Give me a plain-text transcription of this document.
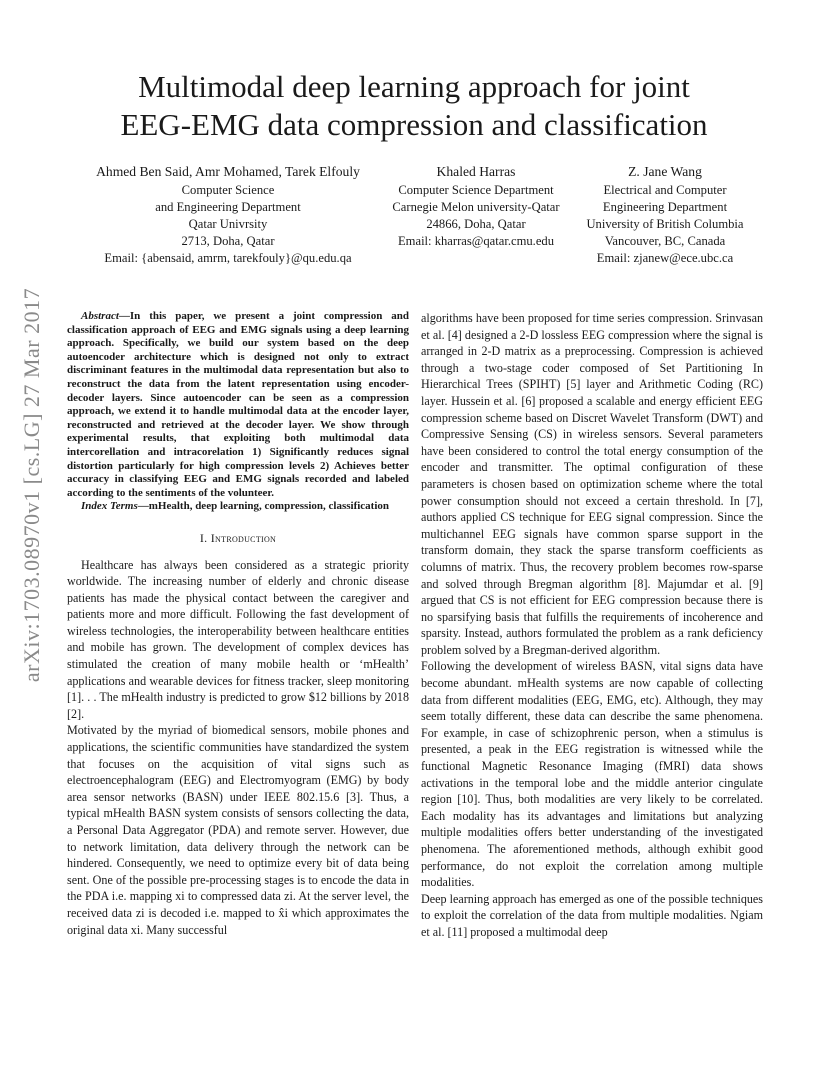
Multimodal deep learning approach for joint
EEG-EMG data compression and classification
Ahmed Ben Said, Amr Mohamed, Tarek Elfouly
Computer Science
and Engineering Department
Qatar Univrsity
2713, Doha, Qatar
Email: {abensaid, amrm, tarekfouly}@qu.edu.qa
Khaled Harras
Computer Science Department
Carnegie Melon university-Qatar
24866, Doha, Qatar
Email: kharras@qatar.cmu.edu
Z. Jane Wang
Electrical and Computer
Engineering Department
University of British Columbia
Vancouver, BC, Canada
Email: zjanew@ece.ubc.ca
arXiv:1703.08970v1 [cs.LG] 27 Mar 2017	Abstract—In this paper, we present a joint compression and classification approach of EEG and EMG signals using a deep learning approach. Specifically, we build our system based on the deep autoencoder architecture which is designed not only to extract discriminant features in the multimodal data representation but also to reconstruct the data from the latent representation using encoder-decoder layers. Since autoencoder can be seen as a compression approach, we extend it to handle multimodal data at the encoder layer, reconstructed and retrieved at the decoder layer. We show through experimental results, that exploiting both multimodal data intercorellation and intracorelation 1) Significantly reduces signal distortion particularly for high compression levels 2) Achieves better accuracy in classifying EEG and EMG signals recorded and labeled according to the sentiments of the volunteer.

Index Terms—mHealth, deep learning, compression, classification

I. Introduction

Healthcare has always been considered as a strategic priority worldwide. The increasing number of elderly and chronic disease patients has made the physical contact between the caregiver and patients more and more difficult. Following the fast development of wireless technologies, the interoperability between healthcare entities and mobile has grown. The development of complex devices has stimulated the creation of many mobile health or ‘mHealth’ applications and wearable devices for fitness tracker, sleep monitoring [1]. . . The mHealth industry is predicted to grow $12 billions by 2018 [2].

Motivated by the myriad of biomedical sensors, mobile phones and applications, the scientific communities have standardized the system that focuses on the acquisition of vital signs such as electroencephalogram (EEG) and Electromyogram (EMG) by body area sensor networks (BASN) under IEEE 802.15.6 [3]. Thus, a typical mHealth BASN system consists of sensors collecting the data, a Personal Data Aggregator (PDA) and remote server. However, due to network limitation, data delivery through the network can be hindered. Consequently, we need to optimize every bit of data being sent. One of the possible pre-processing stages is to encode the data in the PDA i.e. mapping xi to compressed data zi. At the server level, the received data zi is decoded i.e. mapped to x̂i which approximates the original data xi. Many successful

algorithms have been proposed for time series compression. Srinvasan et al. [4] designed a 2-D lossless EEG compression where the signal is arranged in 2-D matrix as a preprocessing. Compression is achieved through a two-stage coder composed of Set Partitioning In Hierarchical Trees (SPIHT) [5] layer and Arithmetic Coding (RC) layer. Hussein et al. [6] proposed a scalable and energy efficient EEG compression scheme based on Discret Wavelet Transform (DWT) and Compressive Sensing (CS) in wireless sensors. Several parameters have been considered to control the total energy consumption of the encoder and transmitter. The optimal configuration of these parameters is chosen based on optimization scheme where the total power consumption should not exceed a certain threshold. In [7], authors applied CS technique for EEG signal compression. Since the multichannel EEG signals have common sparse support in the transform domain, they stack the sparse transform coefficients as columns of matrix. Thus, the recovery problem becomes row-sparse and solved through Bregman algorithm [8]. Majumdar et al. [9] argued that CS is not efficient for EEG compression because there is no sparsifying basis that fulfills the requirements of incoherence and sparsity. Instead, authors formulated the problem as a rank deficiency problem solved by a Bregman-derived algorithm.

Following the development of wireless BASN, vital signs data have become abundant. mHealth systems are now capable of collecting data from different modalities (EEG, EMG, etc). Although, they may seem totally different, these data can describe the same phenomena. For example, in case of schizophrenic person, when a stimulus is presented, a peak in the EEG registration is witnessed while the functional Magnetic Resonance Imaging (fMRI) data shows activations in the temporal lobe and the middle anterior cingulate region [10]. Thus, both modalities are very likely to be correlated. Each modality has its advantages and limitations but analyzing multiple modalities offers better understanding of the investigated phenomena. The aforementioned methods, although exhibit good performance, do not exploit the correlation among multiple modalities.

Deep learning approach has emerged as one of the possible techniques to exploit the correlation of the data from multiple modalities. Ngiam et al. [11] proposed a multimodal deep
